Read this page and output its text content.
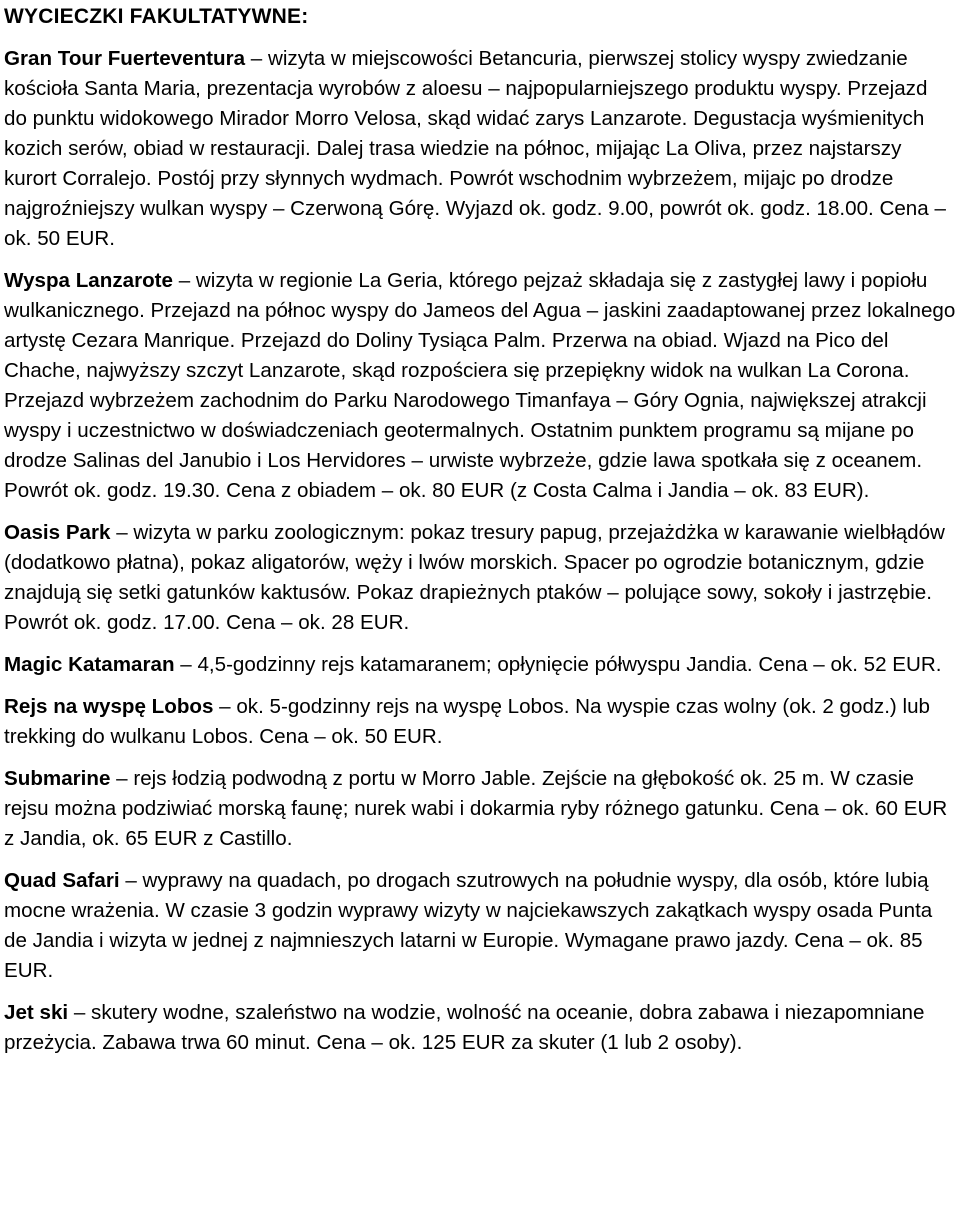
WYCIECZKI FAKULTATYWNE:

Gran Tour Fuerteventura – wizyta w miejscowości Betancuria, pierwszej stolicy wyspy zwiedzanie kościoła Santa Maria, prezentacja wyrobów z aloesu – najpopularniejszego produktu wyspy. Przejazd do punktu widokowego Mirador Morro Velosa, skąd widać zarys Lanzarote. Degustacja wyśmienitych kozich serów, obiad w restauracji. Dalej trasa wiedzie na północ, mijając La Oliva, przez najstarszy kurort Corralejo. Postój przy słynnych wydmach. Powrót wschodnim wybrzeżem, mijajc po drodze najgroźniejszy wulkan wyspy – Czerwoną Górę. Wyjazd ok. godz. 9.00, powrót ok. godz. 18.00. Cena – ok. 50 EUR.

Wyspa Lanzarote – wizyta w regionie La Geria, którego pejzaż składaja się z zastygłej lawy i popiołu wulkanicznego. Przejazd na północ wyspy do Jameos del Agua – jaskini zaadaptowanej przez lokalnego artystę Cezara Manrique. Przejazd do Doliny Tysiąca Palm. Przerwa na obiad. Wjazd na Pico del Chache, najwyższy szczyt Lanzarote, skąd rozpościera się przepiękny widok na wulkan La Corona. Przejazd wybrzeżem zachodnim do Parku Narodowego Timanfaya – Góry Ognia, największej atrakcji wyspy i uczestnictwo w doświadczeniach geotermalnych. Ostatnim punktem programu są mijane po drodze Salinas del Janubio i Los Hervidores – urwiste wybrzeże, gdzie lawa spotkała się z oceanem. Powrót ok. godz. 19.30. Cena z obiadem – ok. 80 EUR (z Costa Calma i Jandia – ok. 83 EUR).

Oasis Park – wizyta w parku zoologicznym: pokaz tresury papug, przejażdżka w karawanie wielbłądów (dodatkowo płatna), pokaz aligatorów, węży i lwów morskich. Spacer po ogrodzie botanicznym, gdzie znajdują się setki gatunków kaktusów. Pokaz drapieżnych ptaków – polujące sowy, sokoły i jastrzębie. Powrót ok. godz. 17.00. Cena – ok. 28 EUR.

Magic Katamaran – 4,5-godzinny rejs katamaranem; opłynięcie półwyspu Jandia. Cena – ok. 52 EUR.

Rejs na wyspę Lobos – ok. 5-godzinny rejs na wyspę Lobos. Na wyspie czas wolny (ok. 2 godz.) lub trekking do wulkanu Lobos. Cena – ok. 50 EUR.

Submarine – rejs łodzią podwodną z portu w Morro Jable. Zejście na głębokość ok. 25 m. W czasie rejsu można podziwiać morską faunę; nurek wabi i dokarmia ryby różnego gatunku. Cena – ok. 60 EUR z Jandia, ok. 65 EUR z Castillo.

Quad Safari – wyprawy na quadach, po drogach szutrowych na południe wyspy, dla osób, które lubią mocne wrażenia. W czasie 3 godzin wyprawy wizyty w najciekawszych zakątkach wyspy osada Punta de Jandia i wizyta w jednej z najmnieszych latarni w Europie. Wymagane prawo jazdy. Cena – ok. 85 EUR.

Jet ski – skutery wodne, szaleństwo na wodzie, wolność na oceanie, dobra zabawa i niezapomniane przeżycia. Zabawa trwa 60 minut. Cena – ok. 125 EUR za skuter (1 lub 2 osoby).
